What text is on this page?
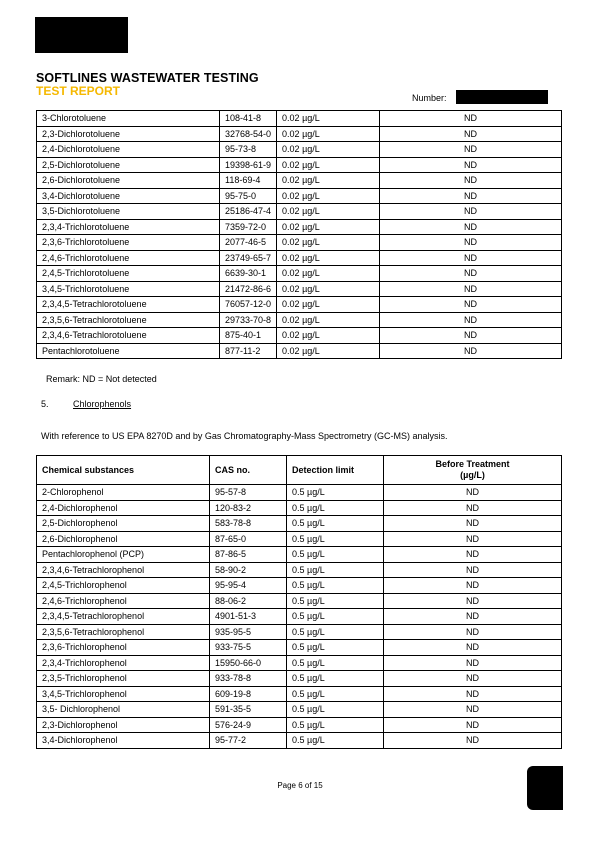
SOFTLINES WASTEWATER TESTING
TEST REPORT	Number:
3-Chlorotoluene	108-41-8	0.02 µg/L	ND
2,3-Dichlorotoluene	32768-54-0	0.02 µg/L	ND
2,4-Dichlorotoluene	95-73-8	0.02 µg/L	ND
2,5-Dichlorotoluene	19398-61-9	0.02 µg/L	ND
2,6-Dichlorotoluene	118-69-4	0.02 µg/L	ND
3,4-Dichlorotoluene	95-75-0	0.02 µg/L	ND
3,5-Dichlorotoluene	25186-47-4	0.02 µg/L	ND
2,3,4-Trichlorotoluene	7359-72-0	0.02 µg/L	ND
2,3,6-Trichlorotoluene	2077-46-5	0.02 µg/L	ND
2,4,6-Trichlorotoluene	23749-65-7	0.02 µg/L	ND
2,4,5-Trichlorotoluene	6639-30-1	0.02 µg/L	ND
3,4,5-Trichlorotoluene	21472-86-6	0.02 µg/L	ND
2,3,4,5-Tetrachlorotoluene	76057-12-0	0.02 µg/L	ND
2,3,5,6-Tetrachlorotoluene	29733-70-8	0.02 µg/L	ND
2,3,4,6-Tetrachlorotoluene	875-40-1	0.02 µg/L	ND
Pentachlorotoluene	877-11-2	0.02 µg/L	ND
Remark: ND = Not detected
5.	Chlorophenols
With reference to US EPA 8270D and by Gas Chromatography-Mass Spectrometry (GC-MS) analysis.
Chemical substances	CAS no.	Detection limit	Before Treatment
(µg/L)

2-Chlorophenol	95-57-8	0.5 µg/L	ND
2,4-Dichlorophenol	120-83-2	0.5 µg/L	ND
2,5-Dichlorophenol	583-78-8	0.5 µg/L	ND
2,6-Dichlorophenol	87-65-0	0.5 µg/L	ND
Pentachlorophenol (PCP)	87-86-5	0.5 µg/L	ND
2,3,4,6-Tetrachlorophenol	58-90-2	0.5 µg/L	ND
2,4,5-Trichlorophenol	95-95-4	0.5 µg/L	ND
2,4,6-Trichlorophenol	88-06-2	0.5 µg/L	ND
2,3,4,5-Tetrachlorophenol	4901-51-3	0.5 µg/L	ND
2,3,5,6-Tetrachlorophenol	935-95-5	0.5 µg/L	ND
2,3,6-Trichlorophenol	933-75-5	0.5 µg/L	ND
2,3,4-Trichlorophenol	15950-66-0	0.5 µg/L	ND
2,3,5-Trichlorophenol	933-78-8	0.5 µg/L	ND
3,4,5-Trichlorophenol	609-19-8	0.5 µg/L	ND
3,5- Dichlorophenol	591-35-5	0.5 µg/L	ND
2,3-Dichlorophenol	576-24-9	0.5 µg/L	ND
3,4-Dichlorophenol	95-77-2	0.5 µg/L	ND
Page 6 of 15
